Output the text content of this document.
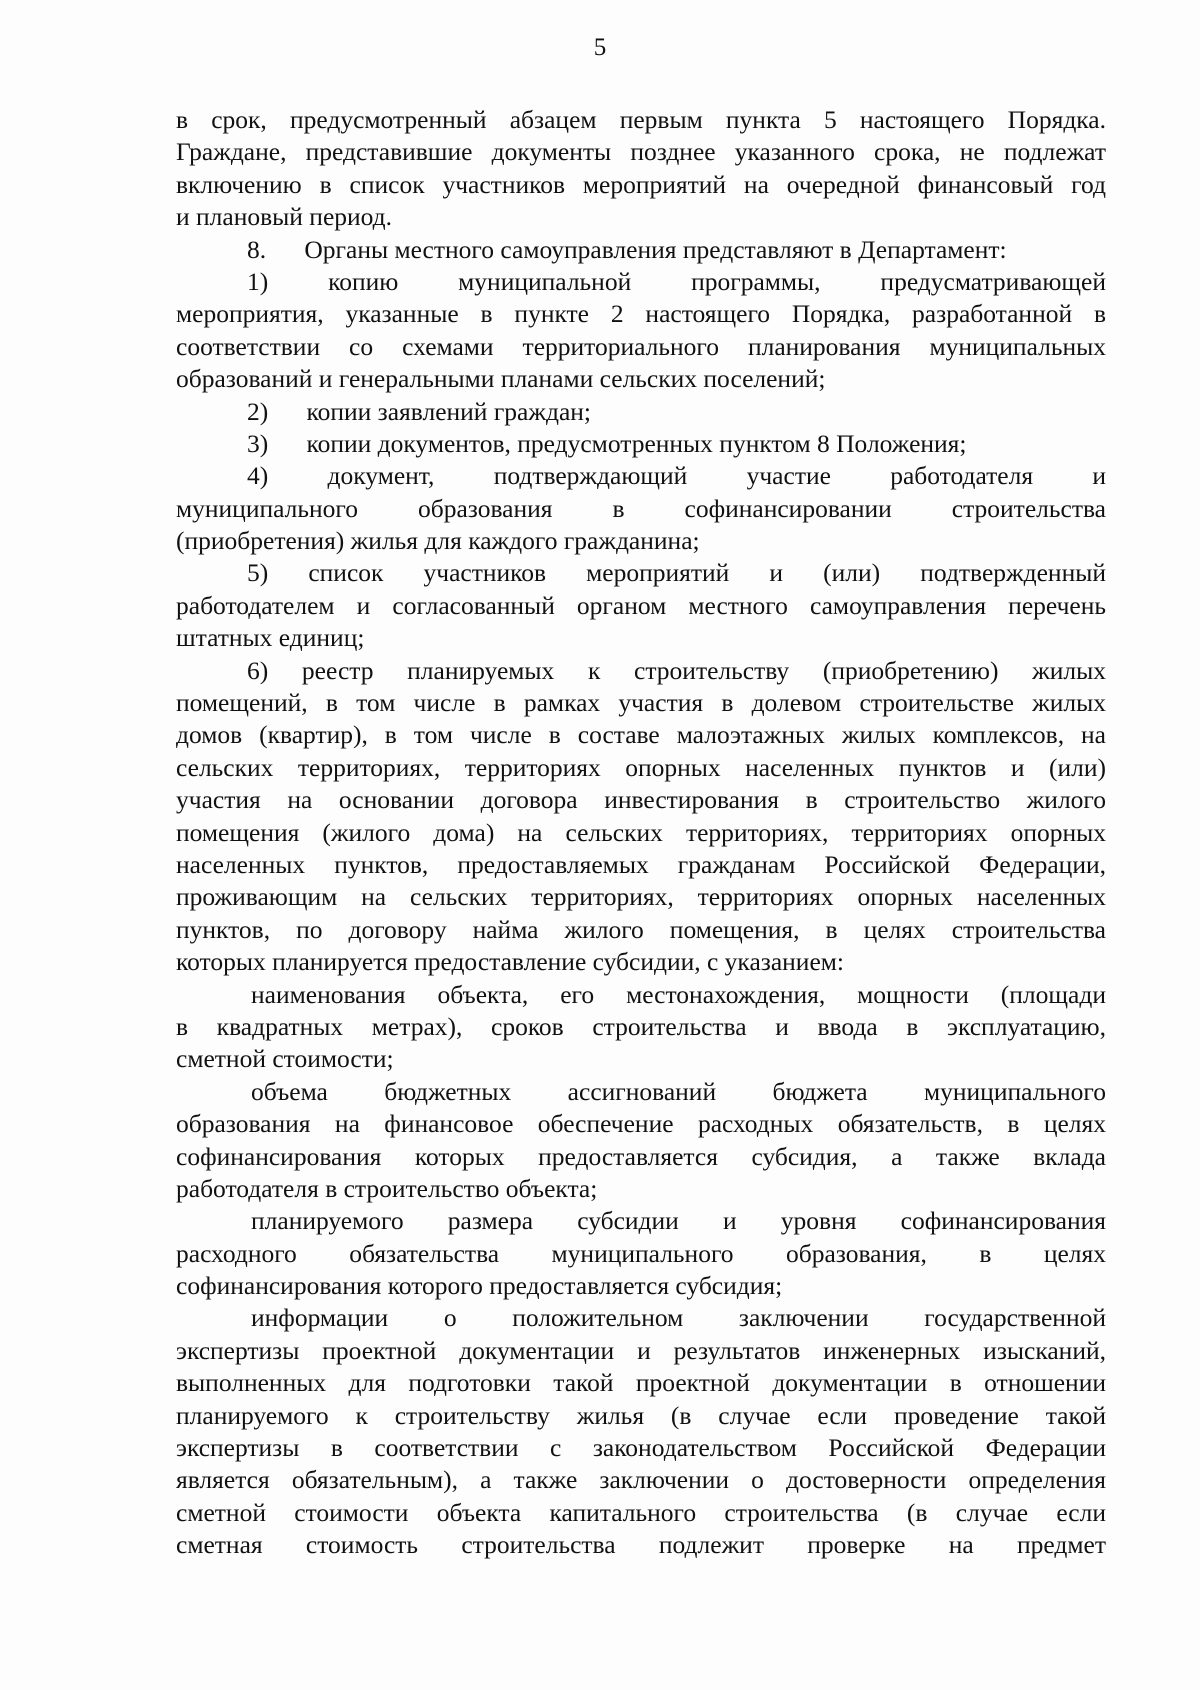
5
в срок, предусмотренный абзацем первым пункта 5 настоящего Порядка.
Граждане, представившие документы позднее указанного срока, не подлежат
включению в список участников мероприятий на очередной финансовый год
и плановый период.
8.      Органы местного самоуправления представляют в Департамент:
1) копию муниципальной программы, предусматривающей
мероприятия, указанные в пункте 2 настоящего Порядка, разработанной в
соответствии со схемами территориального планирования муниципальных
образований и генеральными планами сельских поселений;
2)      копии заявлений граждан;
3)      копии документов, предусмотренных пунктом 8 Положения;
4) документ, подтверждающий участие работодателя и
муниципального образования в софинансировании строительства
(приобретения) жилья для каждого гражданина;
5) список участников мероприятий и (или) подтвержденный
работодателем и согласованный органом местного самоуправления перечень
штатных единиц;
6) реестр планируемых к строительству (приобретению) жилых
помещений, в том числе в рамках участия в долевом строительстве жилых
домов (квартир), в том числе в составе малоэтажных жилых комплексов, на
сельских территориях, территориях опорных населенных пунктов и (или)
участия на основании договора инвестирования в строительство жилого
помещения (жилого дома) на сельских территориях, территориях опорных
населенных пунктов, предоставляемых гражданам Российской Федерации,
проживающим на сельских территориях, территориях опорных населенных
пунктов, по договору найма жилого помещения, в целях строительства
которых планируется предоставление субсидии, с указанием:
наименования объекта, его местонахождения, мощности (площади
в квадратных метрах), сроков строительства и ввода в эксплуатацию,
сметной стоимости;
объема бюджетных ассигнований бюджета муниципального
образования на финансовое обеспечение расходных обязательств, в целях
софинансирования которых предоставляется субсидия, а также вклада
работодателя в строительство объекта;
планируемого размера субсидии и уровня софинансирования
расходного обязательства муниципального образования, в целях
софинансирования которого предоставляется субсидия;
информации о положительном заключении государственной
экспертизы проектной документации и результатов инженерных изысканий,
выполненных для подготовки такой проектной документации в отношении
планируемого к строительству жилья (в случае если проведение такой
экспертизы в соответствии с законодательством Российской Федерации
является обязательным), а также заключении о достоверности определения
сметной стоимости объекта капитального строительства (в случае если
сметная стоимость строительства подлежит проверке на предмет
